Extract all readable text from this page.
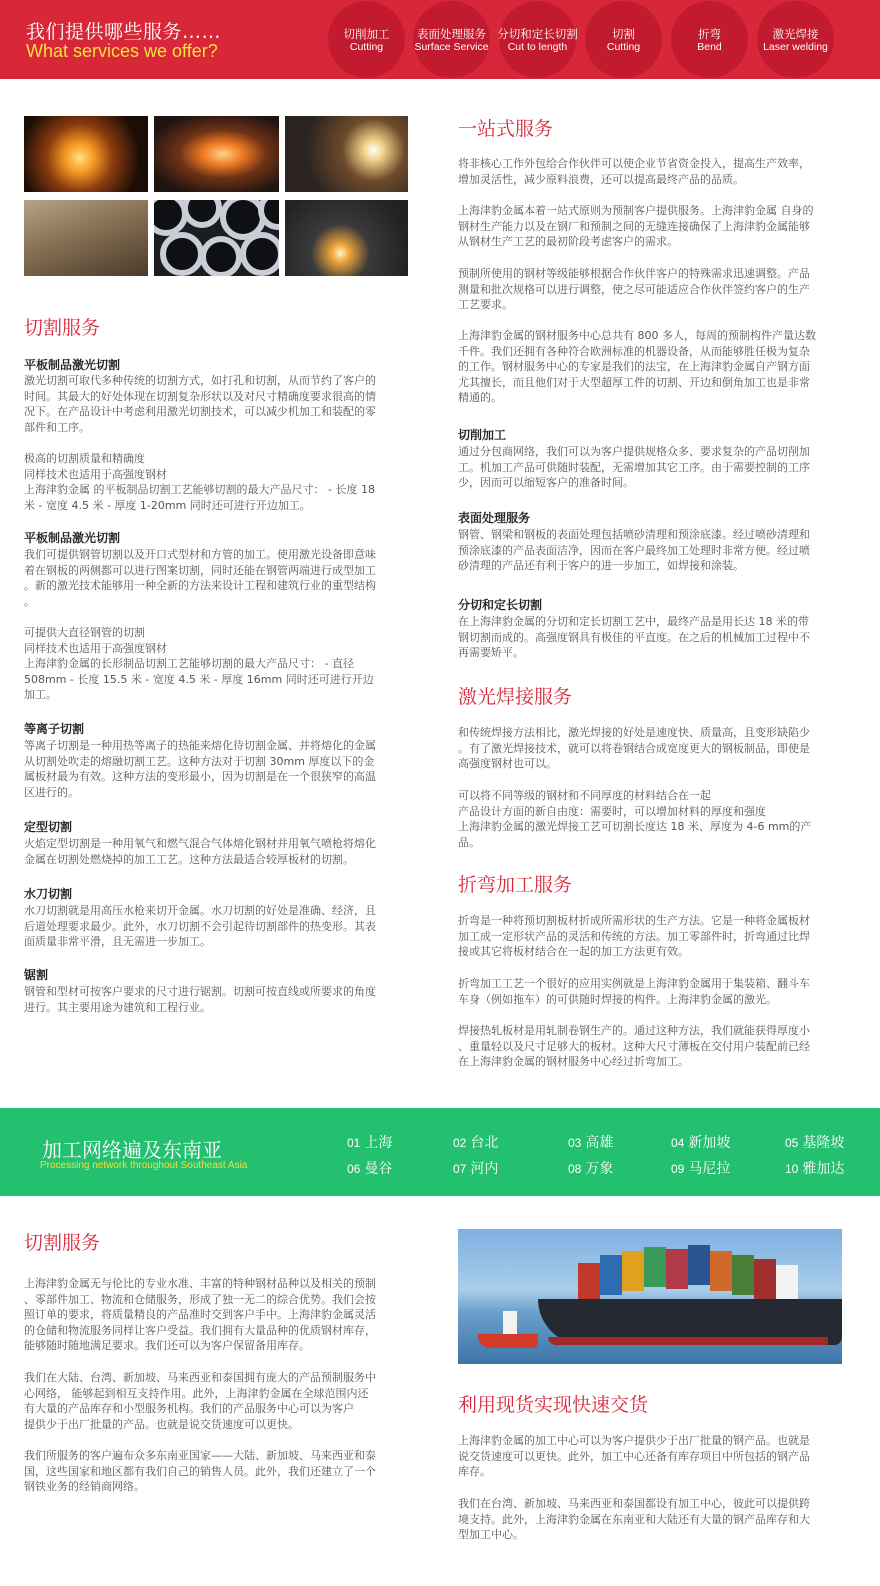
我们提供哪些服务……
What services we offer?
切削加工
Cutting
表面处理服务
Surface Service
分切和定长切割
Cut to length
切割
Cutting
折弯
Bend
激光焊接
Laser welding
切割服务
平板制品激光切割
激光切割可取代多种传统的切割方式，如打孔和切割，从而节约了客户的
时间。其最大的好处体现在切割复杂形状以及对尺寸精确度要求很高的情
况下。在产品设计中考虑利用激光切割技术，可以减少机加工和装配的零
部件和工序。
极高的切割质量和精确度
同样技术也适用于高强度钢材
上海津豹金属 的平板制品切割工艺能够切割的最大产品尺寸： - 长度 18
米 - 宽度 4.5 米 - 厚度 1-20mm 同时还可进行开边加工。
平板制品激光切割
我们可提供钢管切割以及开口式型材和方管的加工。使用激光设备即意味
着在钢板的两侧都可以进行图案切割，同时还能在钢管两端进行成型加工
。新的激光技术能够用一种全新的方法来设计工程和建筑行业的重型结构
。
可提供大直径钢管的切割
同样技术也适用于高强度钢材
上海津豹金属的长形制品切割工艺能够切割的最大产品尺寸： - 直径
508mm - 长度 15.5 米 - 宽度 4.5 米 - 厚度 16mm 同时还可进行开边
加工。
等离子切割
等离子切割是一种用热等离子的热能来熔化待切割金属、并将熔化的金属
从切割处吹走的熔融切割工艺。这种方法对于切割 30mm 厚度以下的金
属板材最为有效。这种方法的变形最小，因为切割是在一个很狭窄的高温
区进行的。
定型切割
火焰定型切割是一种用氧气和燃气混合气体熔化钢材并用氧气喷枪将熔化
金属在切割处燃烧掉的加工工艺。这种方法最适合较厚板材的切割。
水刀切割
水刀切割就是用高压水枪来切开金属。水刀切割的好处是准确、经济，且
后道处理要求最少。此外，水刀切割不会引起待切割部件的热变形。其表
面质量非常平滑，且无需进一步加工。
锯割
钢管和型材可按客户要求的尺寸进行锯割。切割可按直线或所要求的角度
进行。其主要用途为建筑和工程行业。
一站式服务
将非核心工作外包给合作伙伴可以使企业节省资金投入，提高生产效率，
增加灵活性，减少原料浪费，还可以提高最终产品的品质。
上海津豹金属本着一站式原则为预制客户提供服务。上海津豹金属 自身的
钢材生产能力以及在钢厂和预制之间的无缝连接确保了上海津豹金属能够
从钢材生产工艺的最初阶段考虑客户的需求。
预制所使用的钢材等级能够根据合作伙伴客户的特殊需求迅速调整。产品
测量和批次规格可以进行调整，使之尽可能适应合作伙伴签约客户的生产
工艺要求。
上海津豹金属的钢材服务中心总共有 800 多人，每周的预制构件产量达数
千件。我们还拥有各种符合欧洲标准的机器设备，从而能够胜任极为复杂
的工作。钢材服务中心的专家是我们的法宝，在上海津豹金属自产钢方面
尤其擅长，而且他们对于大型超厚工件的切割、开边和倒角加工也是非常
精通的。
切削加工
通过分包商网络，我们可以为客户提供规格众多、要求复杂的产品切削加
工。机加工产品可供随时装配，无需增加其它工序。由于需要控制的工序
少，因而可以缩短客户的准备时间。
表面处理服务
钢管、钢梁和钢板的表面处理包括喷砂清理和预涂底漆。经过喷砂清理和
预涂底漆的产品表面洁净，因而在客户最终加工处理时非常方便。经过喷
砂清理的产品还有利于客户的进一步加工，如焊接和涂装。
分切和定长切割
在上海津豹金属的分切和定长切割工艺中，最终产品是用长达 18 米的带
钢切割而成的。高强度钢具有极佳的平直度。在之后的机械加工过程中不
再需要矫平。
激光焊接服务
和传统焊接方法相比，激光焊接的好处是速度快、质量高，且变形缺陷少
。有了激光焊接技术，就可以将卷钢结合成宽度更大的钢板制品，即使是
高强度钢材也可以。
可以将不同等级的钢材和不同厚度的材料结合在一起
产品设计方面的新自由度：需要时，可以增加材料的厚度和强度
上海津豹金属的激光焊接工艺可切割长度达 18 米、厚度为 4-6 mm的产
品。
折弯加工服务
折弯是一种将预切割板材折成所需形状的生产方法。它是一种将金属板材
加工成一定形状产品的灵活和传统的方法。加工零部件时，折弯通过比焊
接或其它将板材结合在一起的加工方法更有效。
折弯加工工艺一个很好的应用实例就是上海津豹金属用于集装箱、翻斗车
车身（例如拖车）的可供随时焊接的构件。上海津豹金属的激光。
焊接热轧板材是用轧制卷钢生产的。通过这种方法，我们就能获得厚度小
、重量轻以及尺寸足够大的板材。这种大尺寸薄板在交付用户装配前已经
在上海津豹金属的钢材服务中心经过折弯加工。
加工网络遍及东南亚
Processing network throughout Southeast Asia
01 上海	02 台北	03 高雄	04 新加坡	05 基隆坡
06 曼谷	07 河内	08 万象	09 马尼拉	10 雅加达
切割服务
上海津豹金属无与伦比的专业水准、丰富的特种钢材品种以及相关的预制
、零部件加工、物流和仓储服务，形成了独一无二的综合优势。我们会按
照订单的要求，将质量精良的产品准时交到客户手中。上海津豹金属灵活
的仓储和物流服务同样让客户受益。我们拥有大量品种的优质钢材库存，
能够随时随地满足要求。我们还可以为客户保留备用库存。
我们在大陆、台湾、新加坡、马来西亚和泰国拥有庞大的产品预制服务中
心网络， 能够起到相互支持作用。此外，上海津豹金属在全球范围内还
有大量的产品库存和小型服务机构。我们的产品服务中心可以为客户
提供少于出厂批量的产品。也就是说交货速度可以更快。
我们所服务的客户遍布众多东南亚国家——大陆、新加坡、马来西亚和泰
国，这些国家和地区都有我们自己的销售人员。此外，我们还建立了一个
钢铁业务的经销商网络。
利用现货实现快速交货
上海津豹金属的加工中心可以为客户提供少于出厂批量的钢产品。也就是
说交货速度可以更快。此外，加工中心还备有库存项目中所包括的钢产品
库存。
我们在台湾、新加坡、马来西亚和泰国都设有加工中心，彼此可以提供跨
境支持。此外，上海津豹金属在东南亚和大陆还有大量的钢产品库存和大
型加工中心。
